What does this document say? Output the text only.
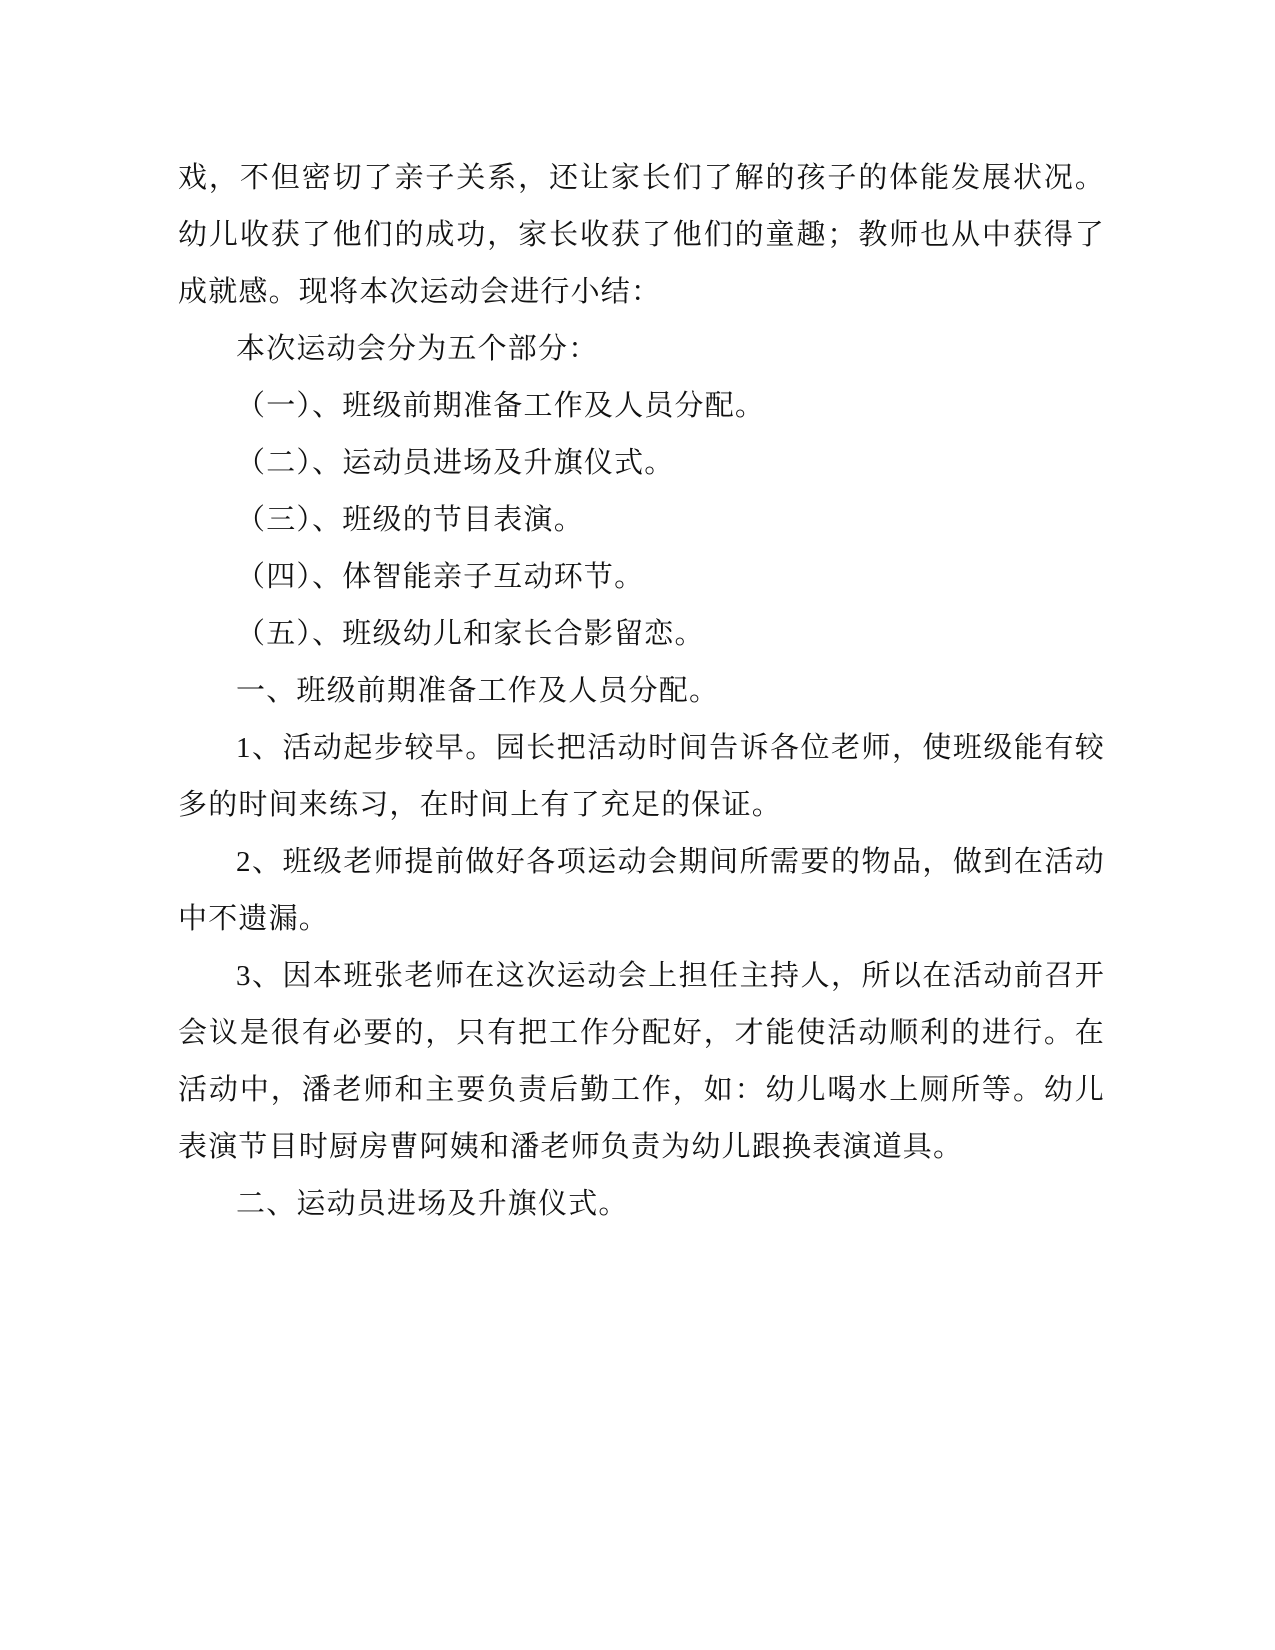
戏，不但密切了亲子关系，还让家长们了解的孩子的体能发展状况。幼儿收获了他们的成功，家长收获了他们的童趣；教师也从中获得了成就感。现将本次运动会进行小结：

本次运动会分为五个部分：

（一）、班级前期准备工作及人员分配。

（二）、运动员进场及升旗仪式。

（三）、班级的节目表演。

（四）、体智能亲子互动环节。

（五）、班级幼儿和家长合影留恋。

一、班级前期准备工作及人员分配。

1、活动起步较早。园长把活动时间告诉各位老师，使班级能有较多的时间来练习，在时间上有了充足的保证。

2、班级老师提前做好各项运动会期间所需要的物品，做到在活动中不遗漏。

3、因本班张老师在这次运动会上担任主持人，所以在活动前召开会议是很有必要的，只有把工作分配好，才能使活动顺利的进行。在活动中，潘老师和主要负责后勤工作，如：幼儿喝水上厕所等。幼儿表演节目时厨房曹阿姨和潘老师负责为幼儿跟换表演道具。

二、运动员进场及升旗仪式。
